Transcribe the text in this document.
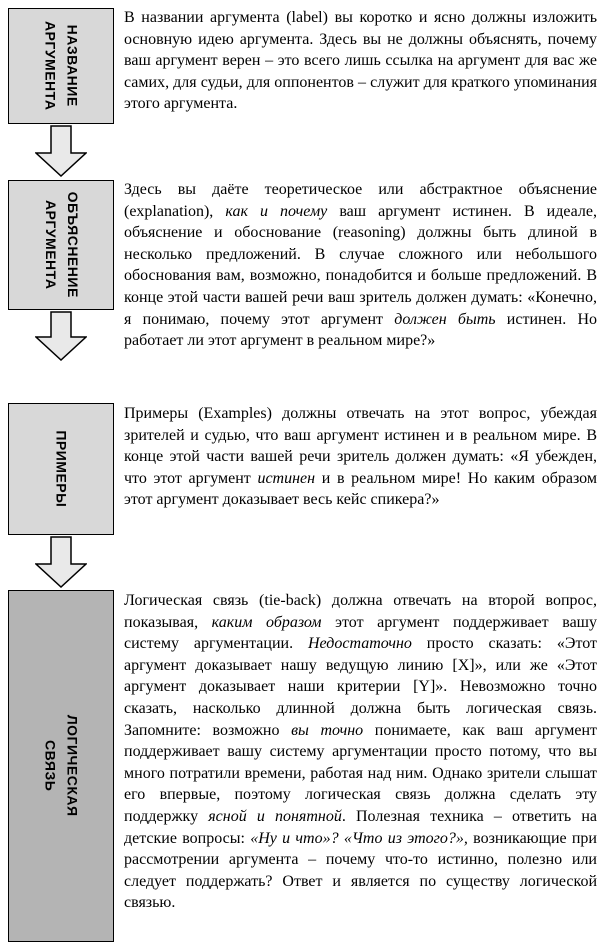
НАЗВАНИЕ
АРГУМЕНТА
В названии аргумента (label) вы коротко и ясно должны изложить основную идею аргумента. Здесь вы не должны объяснять, почему ваш аргумент верен – это всего лишь ссылка на аргумент для вас же самих, для судьи, для оппонентов – служит для краткого упоминания этого аргумента.
ОБЪЯСНЕНИЕ
АРГУМЕНТА
Здесь вы даёте теоретическое или абстрактное объяснение (explanation), как и почему ваш аргумент истинен. В идеале, объяснение и обоснование (reasoning) должны быть длиной в несколько предложений. В случае сложного или небольшого обоснования вам, возможно, понадобится и больше предложений. В конце этой части вашей речи ваш зритель должен думать: «Конечно, я понимаю, почему этот аргумент должен быть истинен. Но работает ли этот аргумент в реальном мире?»
ПРИМЕРЫ
Примеры (Examples) должны отвечать на этот вопрос, убеждая зрителей и судью, что ваш аргумент истинен и в реальном мире. В конце этой части вашей речи зритель должен думать: «Я убежден, что этот аргумент истинен и в реальном мире! Но каким образом этот аргумент доказывает весь кейс спикера?»
ЛОГИЧЕСКАЯ
СВЯЗЬ
Логическая связь (tie-back) должна отвечать на второй вопрос, показывая, каким образом этот аргумент поддерживает вашу систему аргументации. Недостаточно просто сказать: «Этот аргумент доказывает нашу ведущую линию [X]», или же «Этот аргумент доказывает наши критерии [Y]». Невозможно точно сказать, насколько длинной должна быть логическая связь. Запомните: возможно вы точно понимаете, как ваш аргумент поддерживает вашу систему аргументации просто потому, что вы много потратили времени, работая над ним. Однако зрители слышат его впервые, поэтому логическая связь должна сделать эту поддержку ясной и понятной. Полезная техника – ответить на детские вопросы: «Ну и что»? «Что из этого?», возникающие при рассмотрении аргумента – почему что-то истинно, полезно или следует поддержать? Ответ и является по существу логической связью.
